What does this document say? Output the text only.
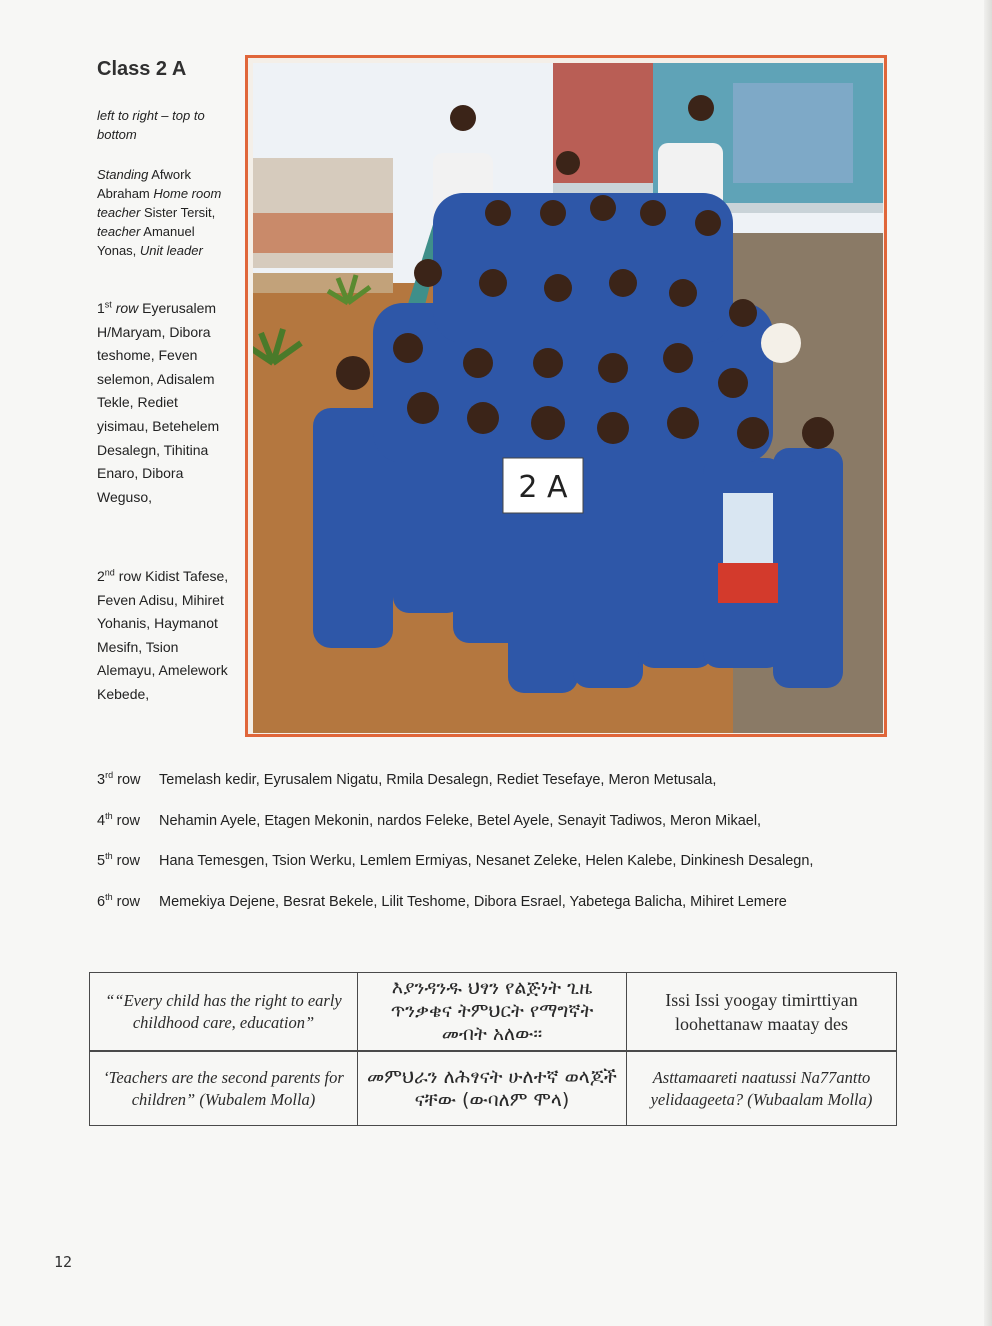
Class 2 A
left to right – top to bottom
Standing Afwork Abraham Home room teacher Sister Tersit, teacher Amanuel Yonas, Unit leader
1st row Eyerusalem H/Maryam, Dibora teshome, Feven selemon, Adisalem Tekle, Rediet yisimau, Betehelem Desalegn, Tihitina Enaro, Dibora Weguso,
2nd row Kidist Tafese, Feven Adisu, Mihiret Yohanis, Haymanot Mesifn, Tsion Alemayu, Amelework Kebede,
3rd row Temelash kedir, Eyrusalem Nigatu, Rmila Desalegn, Rediet Tesefaye, Meron Metusala,
4th row Nehamin Ayele, Etagen Mekonin, nardos Feleke, Betel Ayele, Senayit Tadiwos, Meron Mikael,
5th row Hana Temesgen, Tsion Werku, Lemlem Ermiyas, Nesanet Zeleke, Helen Kalebe, Dinkinesh Desalegn,
6th row Memekiya Dejene, Besrat Bekele, Lilit Teshome, Dibora Esrael, Yabetega Balicha, Mihiret Lemere
2 A
““Every child has the right to early childhood care, education”	እያንዳንዱ ህፃን የልጅነት ጊዜ ጥንቃቄና ትምህርት የማግኛት መብት አለው፡፡	Issi Issi yoogay timirttiyan loohettanaw maatay des
‘Teachers are the second parents for children” (Wubalem Molla)	መምህራን ለሕፃናት ሁለተኛ ወላጆች ናቸው (ውባለም ሞላ)	Asttamaareti naatussi Na77antto yelidaageeta? (Wubaalam Molla)
12
